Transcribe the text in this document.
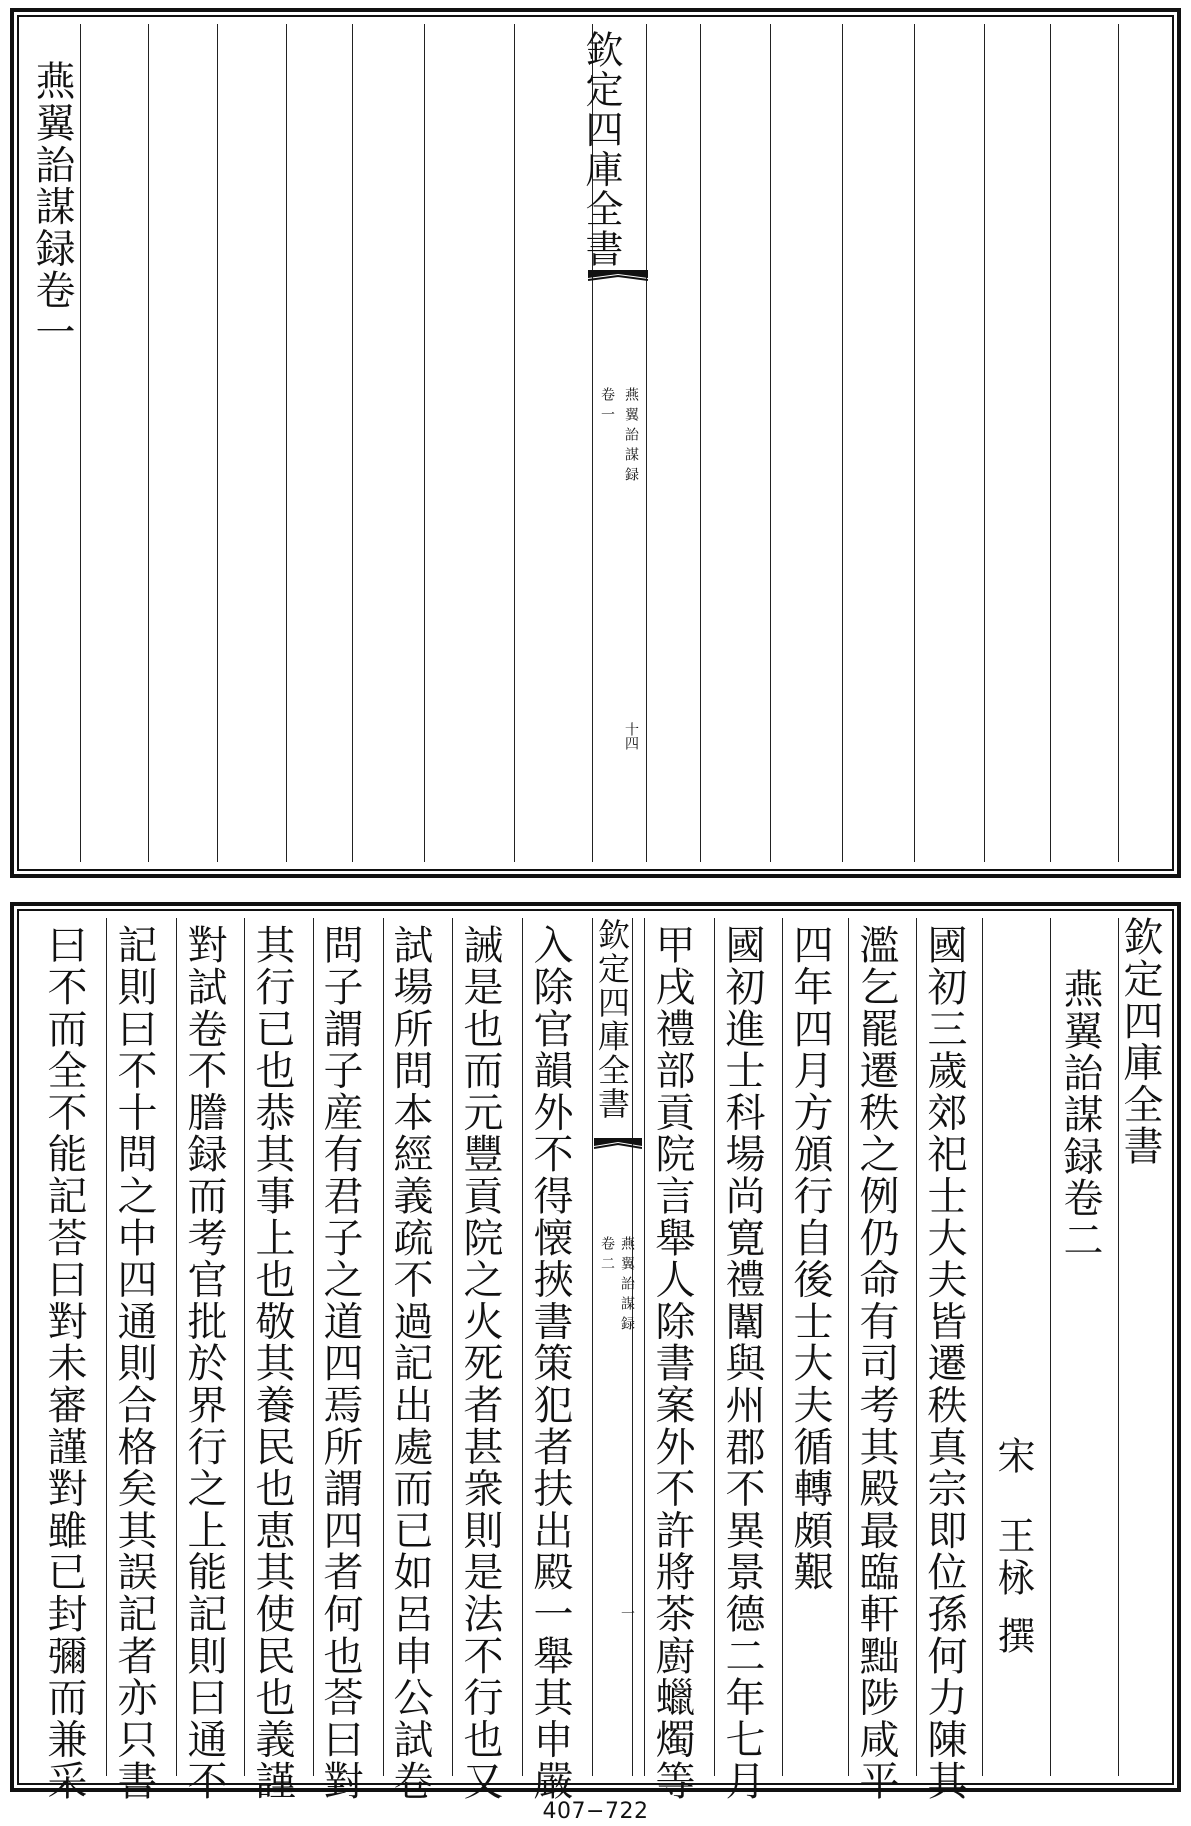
燕翼詒謀録卷一	欽定四庫全書
燕翼詒謀録
卷一
十四
欽定四庫全書
燕翼詒謀録卷二
宋
王栐
撰
國初三歲郊祀士大夫皆遷秩真宗即位孫何力陳其
濫乞罷遷秩之例仍命有司考其殿最臨軒黜陟咸平
四年四月方頒行自後士大夫循轉頗艱
國初進士科場尚寛禮闈與州郡不異景德二年七月
甲戌禮部貢院言舉人除書案外不許將茶廚蠟燭等
欽定四庫全書
燕翼詒謀録
卷二
一
入除官韻外不得懐挾書策犯者扶出殿一舉其申嚴
誡是也而元豐貢院之火死者甚衆則是法不行也又
試場所問本經義疏不過記出處而已如呂申公試卷
問子謂子産有君子之道四焉所謂四者何也荅曰對
其行已也恭其事上也敬其養民也恵其使民也義謹
對試卷不謄録而考官批於界行之上能記則曰通不
記則曰不十問之中四通則合格矣其誤記者亦只書
曰不而全不能記荅曰對未審謹對雖已封彌而兼采
407−722
